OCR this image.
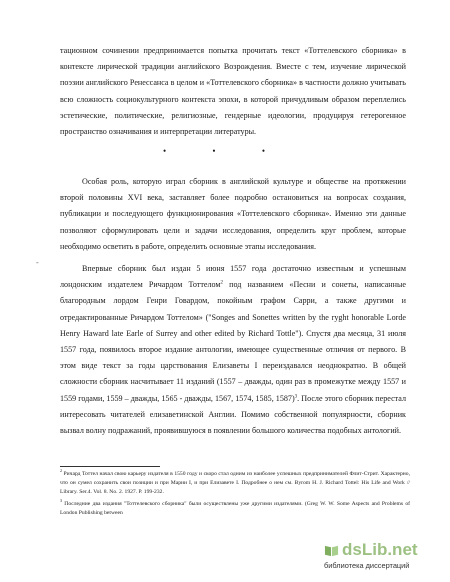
тационном сочинении предпринимается попытка прочитать текст «Тоттелевского сборника» в контексте лирической традиции английского Возрождения. Вместе с тем, изучение лирической поэзии английского Ренессанса в целом и «Тоттелевского сборника» в частности должно учитывать всю сложность социокультурного контекста эпохи, в которой причудливым образом переплелись эстетические, политические, религиозные, гендерные идеологии, продуцируя гетерогенное пространство означивания и интерпретации литературы.

• • •

Особая роль, которую играл сборник в английской культуре и обществе на протяжении второй половины XVI века, заставляет более подробно остановиться на вопросах создания, публикации и последующего функционирования «Тоттелевского сборника». Именно эти данные позволяют сформулировать цели и задачи исследования, определить круг проблем, которые необходимо осветить в работе, определить основные этапы исследования.

-

Впервые сборник был издан 5 июня 1557 года достаточно известным и успешным лондонским издателем Ричардом Тоттелом$^2$ под названием «Песни и сонеты, написанные благородным лордом Генри Говардом, покойным графом Сарри, а также другими и отредактированные Ричардом Тоттелом» ("Songes and Sonettes written by the ryght honorable Lorde Henry Haward late Earle of Surrey and other edited by Richard Tottle"). Спустя два месяца, 31 июля 1557 года, появилось второе издание антологии, имеющее существенные отличия от первого. В этом виде текст за годы царствования Елизаветы I переиздавался неоднократно. В общей сложности сборник насчитывает 11 изданий (1557 – дважды, один раз в промежутке между 1557 и 1559 годами, 1559 – дважды, 1565 - дважды, 1567, 1574, 1585, 1587)$^3$. После этого сборник перестал интересовать читателей елизаветинской Англии. Помимо собственной популярности, сборник вызвал волну подражаний, проявившуюся в появлении большого количества подобных антологий.

$^2$ Ричард Тоттел начал свою карьеру издателя в 1550 году и скоро стал одним из наиболее успешных предпринимателей Флит-Стрит. Характерно, что он сумел сохранить свои позиции и при Марии I, и при Елизавете I. Подробнее о нем см. Byrom H. J. Richard Tottel: His Life and Work // Library. Ser.4. Vol. 8. No. 2. 1927. P. 199-232.

$^3$ Последние два издания "Тоттелевского сборника" были осуществлены уже другими издателями. (Greg W. W. Some Aspects and Problems of London Publishing between

dsLib.net
библиотека диссертаций
